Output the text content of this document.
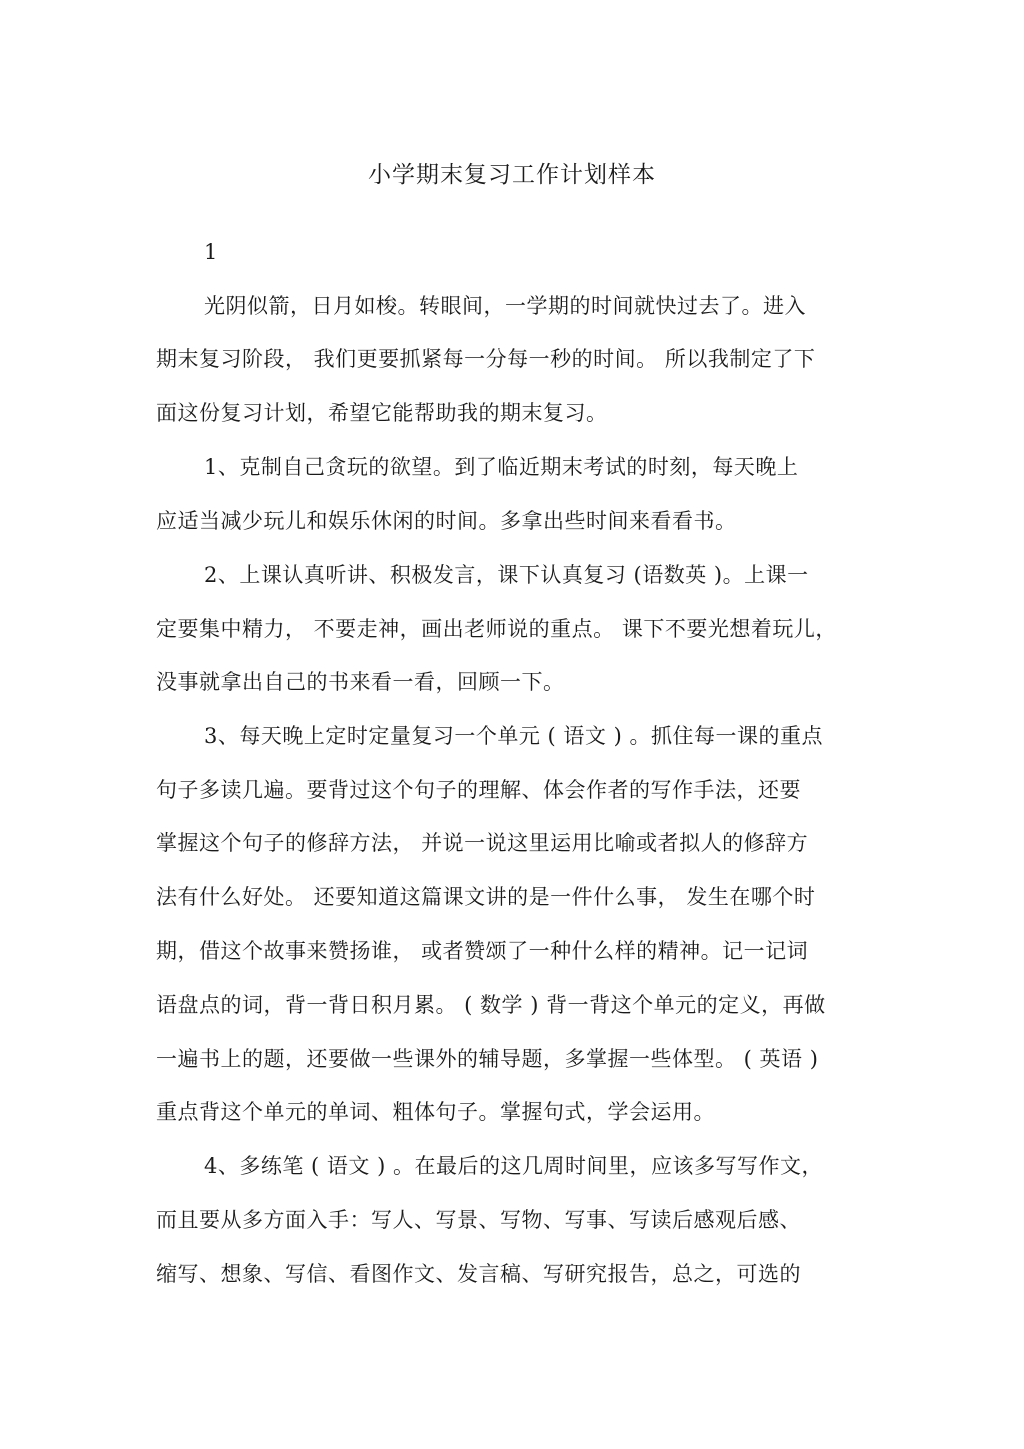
小学期末复习工作计划样本
1
光阴似箭，日月如梭。转眼间，一学期的时间就快过去了。进入
期末复习阶段， 我们更要抓紧每一分每一秒的时间。 所以我制定了下
面这份复习计划，希望它能帮助我的期末复习。
1、克制自己贪玩的欲望。到了临近期末考试的时刻，每天晚上
应适当减少玩儿和娱乐休闲的时间。多拿出些时间来看看书。
2、上课认真听讲、积极发言，课下认真复习 (语数英 )。上课一
定要集中精力， 不要走神，画出老师说的重点。 课下不要光想着玩儿，
没事就拿出自己的书来看一看，回顾一下。
3、每天晚上定时定量复习一个单元 ( 语文 ) 。抓住每一课的重点
句子多读几遍。要背过这个句子的理解、体会作者的写作手法，还要
掌握这个句子的修辞方法， 并说一说这里运用比喻或者拟人的修辞方
法有什么好处。 还要知道这篇课文讲的是一件什么事， 发生在哪个时
期，借这个故事来赞扬谁， 或者赞颂了一种什么样的精神。记一记词
语盘点的词，背一背日积月累。 ( 数学 ) 背一背这个单元的定义，再做
一遍书上的题，还要做一些课外的辅导题，多掌握一些体型。 ( 英语 )
重点背这个单元的单词、粗体句子。掌握句式，学会运用。
4、多练笔 ( 语文 ) 。在最后的这几周时间里，应该多写写作文，
而且要从多方面入手：写人、写景、写物、写事、写读后感观后感、
缩写、想象、写信、看图作文、发言稿、写研究报告，总之，可选的
